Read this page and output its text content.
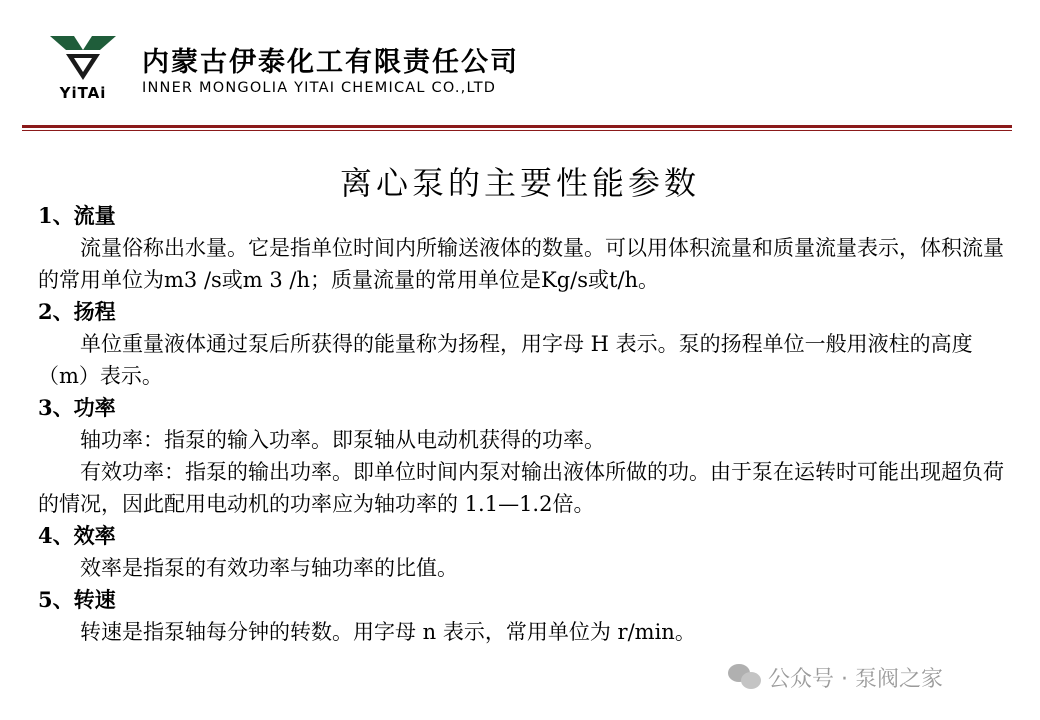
YiTAi
内蒙古伊泰化工有限责任公司
INNER MONGOLIA YITAI CHEMICAL CO.,LTD
离心泵的主要性能参数

1、流量

流量俗称出水量。它是指单位时间内所输送液体的数量。可以用体积流量和质量流量表示，体积流量的常用单位为m3 /s或m 3 /h；质量流量的常用单位是Kg/s或t/h。

2、扬程

单位重量液体通过泵后所获得的能量称为扬程，用字母 H 表示。泵的扬程单位一般用液柱的高度（m）表示。

3、功率

轴功率：指泵的输入功率。即泵轴从电动机获得的功率。

有效功率：指泵的输出功率。即单位时间内泵对输出液体所做的功。由于泵在运转时可能出现超负荷的情况，因此配用电动机的功率应为轴功率的 1.1—1.2倍。

4、效率

效率是指泵的有效功率与轴功率的比值。

5、转速

转速是指泵轴每分钟的转数。用字母 n 表示，常用单位为 r/min。

公众号 · 泵阀之家
